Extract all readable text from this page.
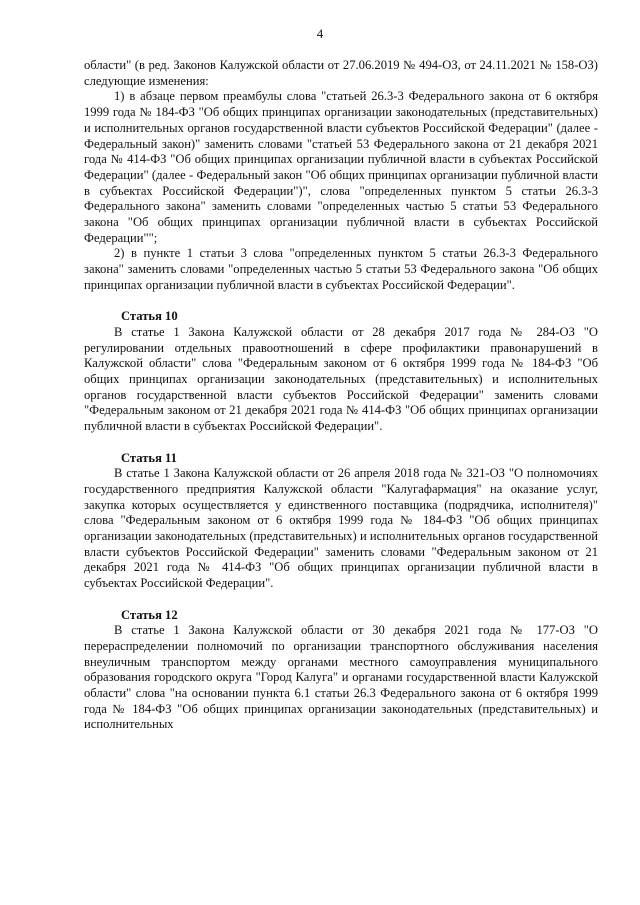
4

области" (в ред. Законов Калужской области от 27.06.2019 № 494-ОЗ, от 24.11.2021 № 158-ОЗ) следующие изменения:

1) в абзаце первом преамбулы слова "статьей 26.3-3 Федерального закона от 6 октября 1999 года № 184-ФЗ "Об общих принципах организации законодательных (представительных) и исполнительных органов государственной власти субъектов Российской Федерации" (далее - Федеральный закон)" заменить словами "статьей 53 Федерального закона от 21 декабря 2021 года № 414-ФЗ "Об общих принципах организации публичной власти в субъектах Российской Федерации" (далее - Федеральный закон "Об общих принципах организации публичной власти в субъектах Российской Федерации")", слова "определенных пунктом 5 статьи 26.3-3 Федерального закона" заменить словами "определенных частью 5 статьи 53 Федерального закона "Об общих принципах организации публичной власти в субъектах Российской Федерации"";

2) в пункте 1 статьи 3 слова "определенных пунктом 5 статьи 26.3-3 Федерального закона" заменить словами "определенных частью 5 статьи 53 Федерального закона "Об общих принципах организации публичной власти в субъектах Российской Федерации".

Статья 10

В статье 1 Закона Калужской области от 28 декабря 2017 года № 284-ОЗ "О регулировании отдельных правоотношений в сфере профилактики правонарушений в Калужской области" слова "Федеральным законом от 6 октября 1999 года № 184-ФЗ "Об общих принципах организации законодательных (представительных) и исполнительных органов государственной власти субъектов Российской Федерации" заменить словами "Федеральным законом от 21 декабря 2021 года № 414-ФЗ "Об общих принципах организации публичной власти в субъектах Российской Федерации".

Статья 11

В статье 1 Закона Калужской области от 26 апреля 2018 года № 321-ОЗ "О полномочиях государственного предприятия Калужской области "Калугафармация" на оказание услуг, закупка которых осуществляется у единственного поставщика (подрядчика, исполнителя)" слова "Федеральным законом от 6 октября 1999 года № 184-ФЗ "Об общих принципах организации законодательных (представительных) и исполнительных органов государственной власти субъектов Российской Федерации" заменить словами "Федеральным законом от 21 декабря 2021 года № 414-ФЗ "Об общих принципах организации публичной власти в субъектах Российской Федерации".

Статья 12

В статье 1 Закона Калужской области от 30 декабря 2021 года № 177-ОЗ "О перераспределении полномочий по организации транспортного обслуживания населения внеуличным транспортом между органами местного самоуправления муниципального образования городского округа "Город Калуга" и органами государственной власти Калужской области" слова "на основании пункта 6.1 статьи 26.3 Федерального закона от 6 октября 1999 года № 184-ФЗ "Об общих принципах организации законодательных (представительных) и исполнительных
